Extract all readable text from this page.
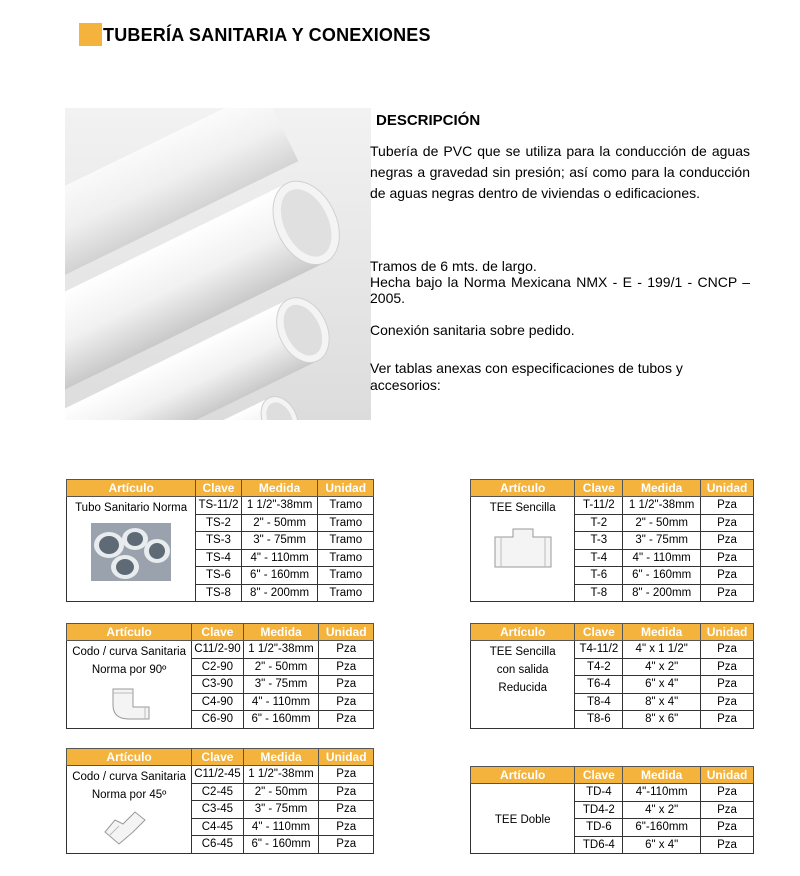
TUBERÍA SANITARIA Y CONEXIONES
DESCRIPCIÓN

Tubería de PVC que se utiliza para la conducción de aguas negras a gravedad sin presión; así como para la conducción de aguas negras dentro de viviendas o edificaciones.

Tramos de 6 mts. de largo.
Hecha bajo la Norma Mexicana NMX - E - 199/1 - CNCP – 2005.
Conexión sanitaria sobre pedido.
Ver tablas anexas con especificaciones de tubos y accesorios:
Artículo	Clave	Medida	Unidad
Tubo Sanitario Norma	TS-11/2	1 1/2"-38mm	Tramo
	TS-2	2" - 50mm	Tramo
	TS-3	3" - 75mm	Tramo
	TS-4	4" - 110mm	Tramo
	TS-6	6" - 160mm	Tramo
	TS-8	8" - 200mm	Tramo
Artículo	Clave	Medida	Unidad
Codo / curva Sanitaria
Norma por 90º	C11/2-90	1 1/2"-38mm	Pza
	C2-90	2" - 50mm	Pza
	C3-90	3" - 75mm	Pza
	C4-90	4" - 110mm	Pza
	C6-90	6" - 160mm	Pza
Artículo	Clave	Medida	Unidad
Codo / curva Sanitaria
Norma por 45º	C11/2-45	1 1/2"-38mm	Pza
	C2-45	2" - 50mm	Pza
	C3-45	3" - 75mm	Pza
	C4-45	4" - 110mm	Pza
	C6-45	6" - 160mm	Pza
Artículo	Clave	Medida	Unidad
TEE Sencilla	T-11/2	1 1/2"-38mm	Pza
	T-2	2" - 50mm	Pza
	T-3	3" - 75mm	Pza
	T-4	4" - 110mm	Pza
	T-6	6" - 160mm	Pza
	T-8	8" - 200mm	Pza
Artículo	Clave	Medida	Unidad
TEE Sencilla
con salida
Reducida	T4-11/2	4" x 1 1/2"	Pza
	T4-2	4" x 2"	Pza
	T6-4	6" x 4"	Pza
	T8-4	8" x 4"	Pza
	T8-6	8" x 6"	Pza
Artículo	Clave	Medida	Unidad
TEE Doble	TD-4	4"-110mm	Pza
	TD4-2	4" x 2"	Pza
	TD-6	6"-160mm	Pza
	TD6-4	6" x 4"	Pza
